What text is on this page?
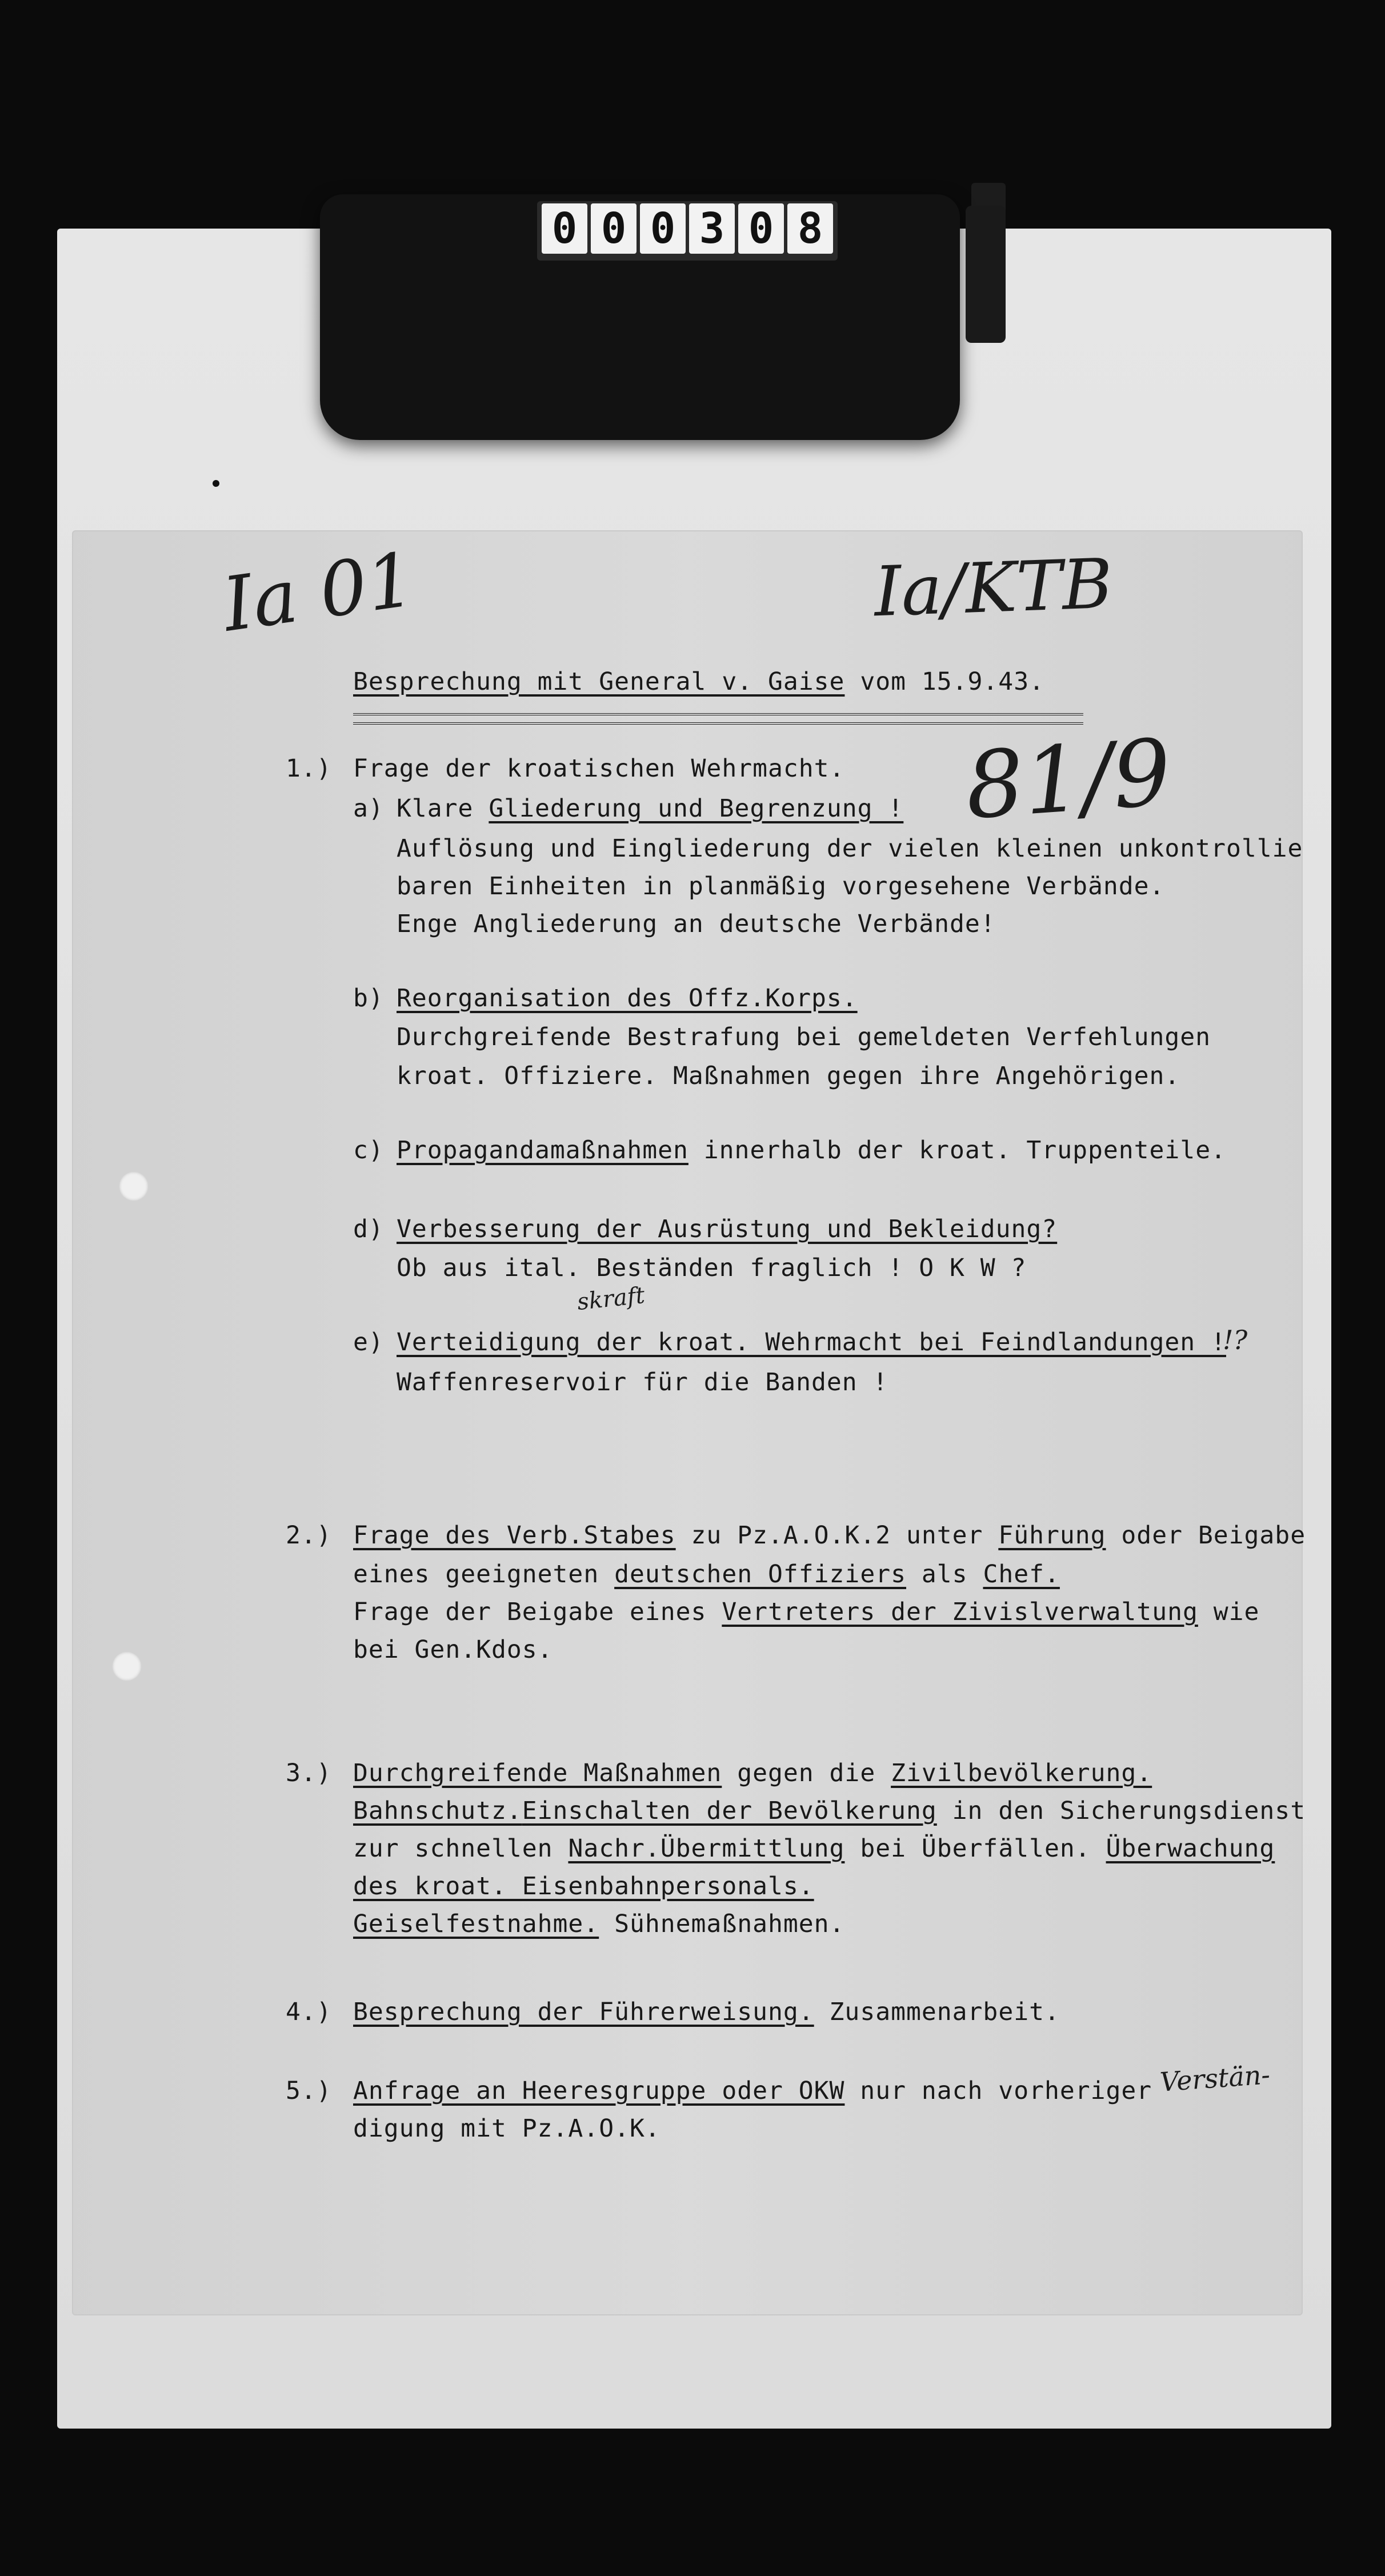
0 0 0 3 0 8
Ia 01	Ia/KTB
81/9
skraft
!?
Verstän-
Besprechung mit General v. Gaise vom 15.9.43.
1.) Frage der kroatischen Wehrmacht.
a) Klare Gliederung und Begrenzung !
Auflösung und Eingliederung der vielen kleinen unkontrollie
baren Einheiten in planmäßig vorgesehene Verbände.
Enge Angliederung an deutsche Verbände!
b) Reorganisation des Offz.Korps.
Durchgreifende Bestrafung bei gemeldeten Verfehlungen
kroat. Offiziere. Maßnahmen gegen ihre Angehörigen.
c) Propagandamaßnahmen innerhalb der kroat. Truppenteile.
d) Verbesserung der Ausrüstung und Bekleidung?
Ob aus ital. Beständen fraglich ! O K W ?
e) Verteidigung der kroat. Wehrmacht bei Feindlandungen !
Waffenreservoir für die Banden !
2.) Frage des Verb.Stabes zu Pz.A.O.K.2 unter Führung oder Beigabe
eines geeigneten deutschen Offiziers als Chef.
Frage der Beigabe eines Vertreters der Zivislverwaltung wie
bei Gen.Kdos.
3.) Durchgreifende Maßnahmen gegen die Zivilbevölkerung.
Bahnschutz.Einschalten der Bevölkerung in den Sicherungsdienst
zur schnellen Nachr.Übermittlung bei Überfällen. Überwachung
des kroat. Eisenbahnpersonals.
Geiselfestnahme. Sühnemaßnahmen.
4.) Besprechung der Führerweisung. Zusammenarbeit.
5.) Anfrage an Heeresgruppe oder OKW nur nach vorheriger
digung mit Pz.A.O.K.
